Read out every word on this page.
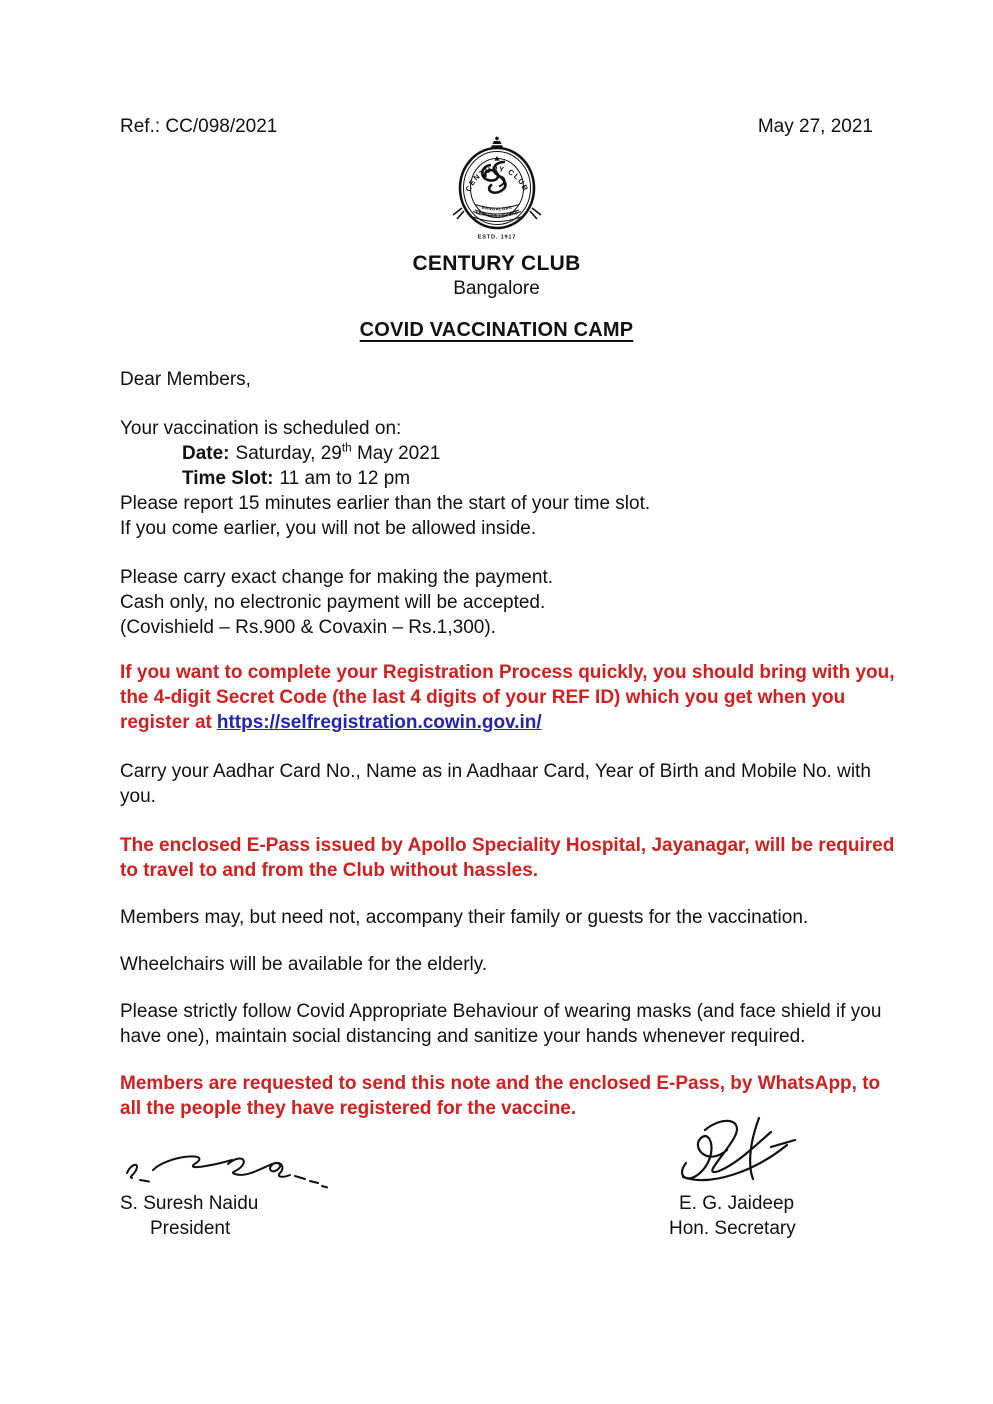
Ref.: CC/098/2021	May 27, 2021
CENTURY CLUB
BANGALORE
LEARNED LEISURE
ESTD. 1917
CENTURY CLUB
Bangalore
COVID VACCINATION CAMP

Dear Members,

Your vaccination is scheduled on:
Date: Saturday, 29th May 2021
Time Slot: 11 am to 12 pm
Please report 15 minutes earlier than the start of your time slot.
If you come earlier, you will not be allowed inside.
Please carry exact change for making the payment.
Cash only, no electronic payment will be accepted.
(Covishield – Rs.900 & Covaxin – Rs.1,300).
If you want to complete your Registration Process quickly, you should bring with you,
the 4-digit Secret Code (the last 4 digits of your REF ID) which you get when you
register at https://selfregistration.cowin.gov.in/
Carry your Aadhar Card No., Name as in Aadhaar Card, Year of Birth and Mobile No. with
you.
The enclosed E-Pass issued by Apollo Speciality Hospital, Jayanagar, will be required
to travel to and from the Club without hassles.

Members may, but need not, accompany their family or guests for the vaccination.

Wheelchairs will be available for the elderly.

Please strictly follow Covid Appropriate Behaviour of wearing masks (and face shield if you
have one), maintain social distancing and sanitize your hands whenever required.
Members are requested to send this note and the enclosed E-Pass, by WhatsApp, to
all the people they have registered for the vaccine.
S. Suresh Naidu
President
E. G. Jaideep
Hon. Secretary
